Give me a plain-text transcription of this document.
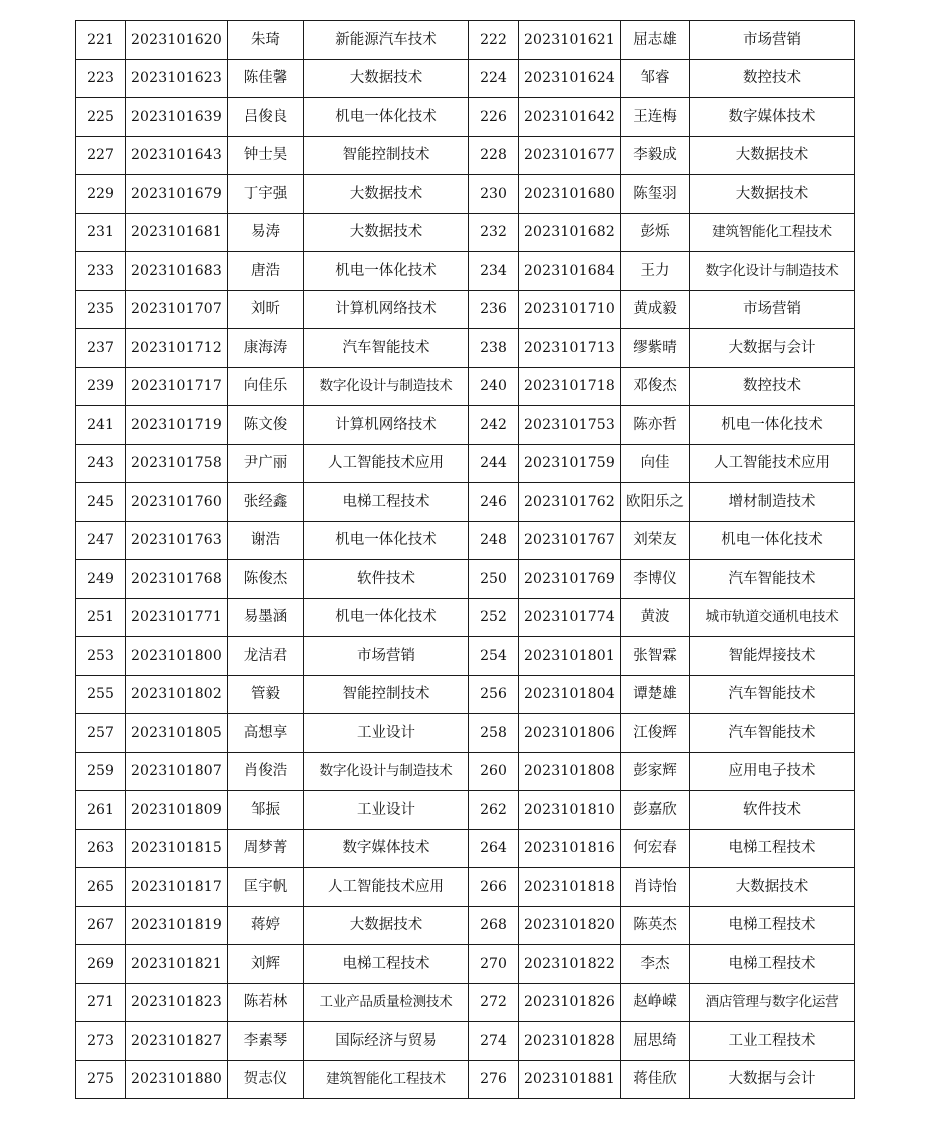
221	2023101620	朱琦	新能源汽车技术	222	2023101621	屈志雄	市场营销
223	2023101623	陈佳馨	大数据技术	224	2023101624	邹睿	数控技术
225	2023101639	吕俊良	机电一体化技术	226	2023101642	王连梅	数字媒体技术
227	2023101643	钟士昊	智能控制技术	228	2023101677	李毅成	大数据技术
229	2023101679	丁宇强	大数据技术	230	2023101680	陈玺羽	大数据技术
231	2023101681	易涛	大数据技术	232	2023101682	彭烁	建筑智能化工程技术
233	2023101683	唐浩	机电一体化技术	234	2023101684	王力	数字化设计与制造技术
235	2023101707	刘昕	计算机网络技术	236	2023101710	黄成毅	市场营销
237	2023101712	康海涛	汽车智能技术	238	2023101713	缪紫晴	大数据与会计
239	2023101717	向佳乐	数字化设计与制造技术	240	2023101718	邓俊杰	数控技术
241	2023101719	陈文俊	计算机网络技术	242	2023101753	陈亦哲	机电一体化技术
243	2023101758	尹广丽	人工智能技术应用	244	2023101759	向佳	人工智能技术应用
245	2023101760	张经鑫	电梯工程技术	246	2023101762	欧阳乐之	增材制造技术
247	2023101763	谢浩	机电一体化技术	248	2023101767	刘荣友	机电一体化技术
249	2023101768	陈俊杰	软件技术	250	2023101769	李博仪	汽车智能技术
251	2023101771	易墨涵	机电一体化技术	252	2023101774	黄波	城市轨道交通机电技术
253	2023101800	龙洁君	市场营销	254	2023101801	张智霖	智能焊接技术
255	2023101802	管毅	智能控制技术	256	2023101804	谭楚雄	汽车智能技术
257	2023101805	高想享	工业设计	258	2023101806	江俊辉	汽车智能技术
259	2023101807	肖俊浩	数字化设计与制造技术	260	2023101808	彭家辉	应用电子技术
261	2023101809	邹振	工业设计	262	2023101810	彭嘉欣	软件技术
263	2023101815	周梦菁	数字媒体技术	264	2023101816	何宏春	电梯工程技术
265	2023101817	匡宇帆	人工智能技术应用	266	2023101818	肖诗怡	大数据技术
267	2023101819	蒋婷	大数据技术	268	2023101820	陈英杰	电梯工程技术
269	2023101821	刘辉	电梯工程技术	270	2023101822	李杰	电梯工程技术
271	2023101823	陈若林	工业产品质量检测技术	272	2023101826	赵峥嵘	酒店管理与数字化运营
273	2023101827	李素琴	国际经济与贸易	274	2023101828	屈思绮	工业工程技术
275	2023101880	贺志仪	建筑智能化工程技术	276	2023101881	蒋佳欣	大数据与会计
